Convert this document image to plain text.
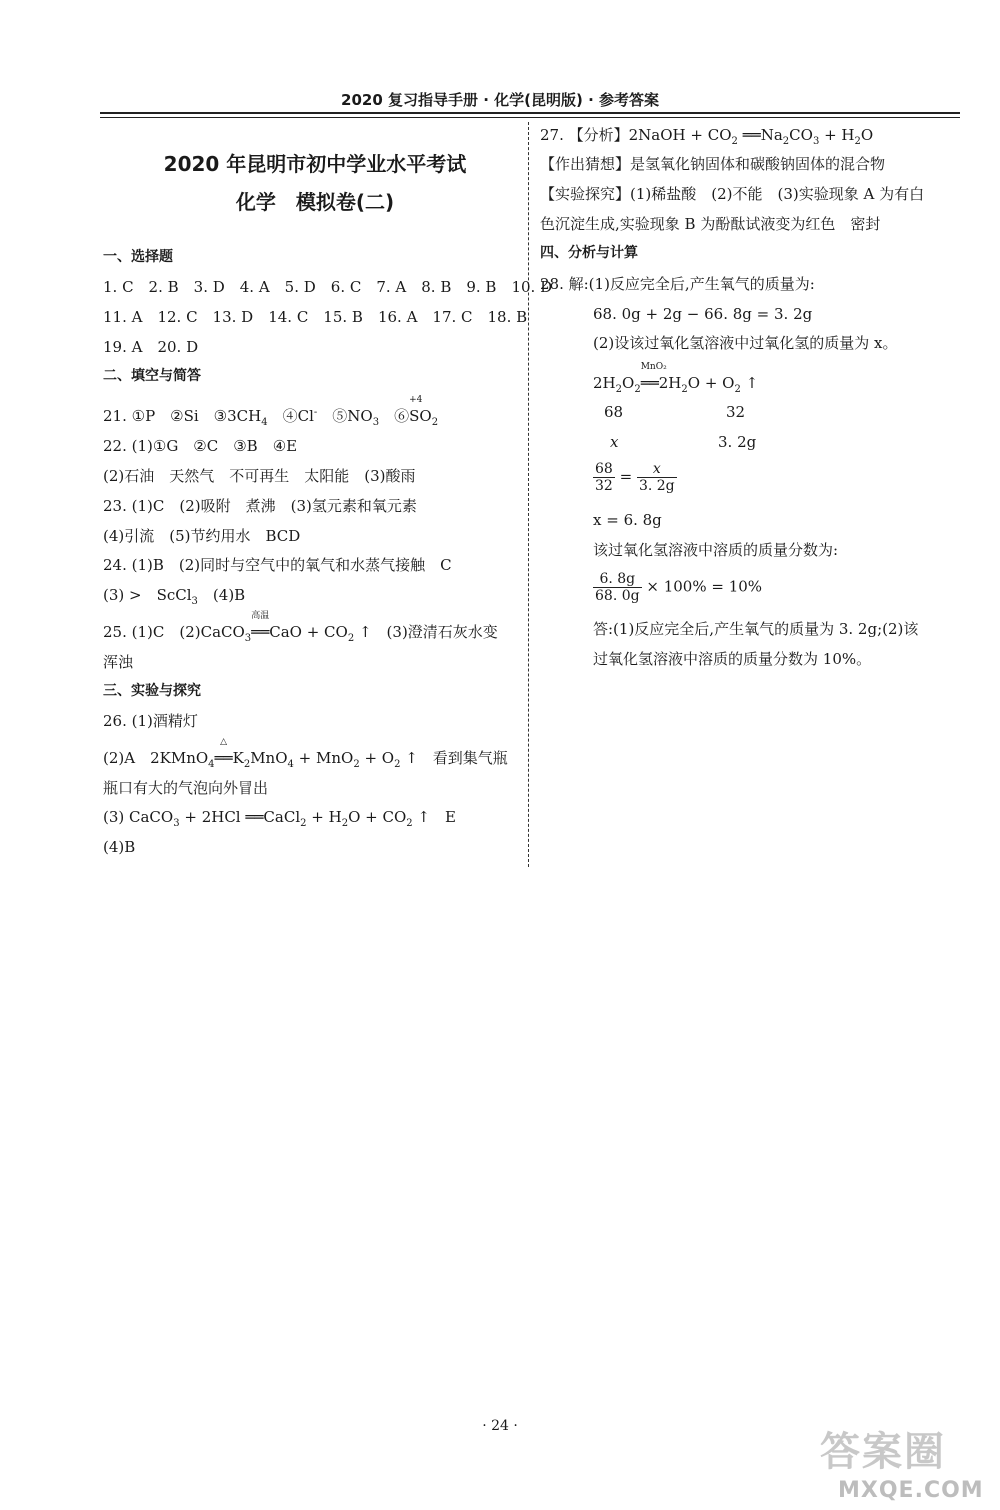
2020 复习指导手册 · 化学(昆明版) · 参考答案
2020 年昆明市初中学业水平考试
化学　模拟卷(二)
一、选择题
1. C　2. B　3. D　4. A　5. D　6. C　7. A　8. B　9. B　10. D
11. A　12. C　13. D　14. C　15. B　16. A　17. C　18. B
19. A　20. D
二、填空与简答
21. ①P　②Si　$③3CH_4$　④Cl-　$⑤NO_3$　⑥
+4
$SO_2$
22. (1)①G　②C　③B　④E
(2)石油　天然气　不可再生　太阳能　(3)酸雨
23. (1)C　(2)吸附　煮沸　(3)氢元素和氧元素
(4)引流　(5)节约用水　BCD
24. (1)B　(2)同时与空气中的氧气和水蒸气接触　C
(3) >　ScCl$_3$　(4)B
25. (1)C　(2)CaCO$_3$
高温
══CaO + $CO_2$ ↑　(3)澄清石灰水变
浑浊
三、实验与探究
26. (1)酒精灯
(2)A　2KMnO$_4$
△
$══K_2MnO_4 + MnO_2 + O_2$ ↑　看到集气瓶
瓶口有大的气泡向外冒出
(3) CaCO$_3$ + 2HCl ══CaCl$_2$ + $H_2O + CO_2$ ↑　E
(4)B
27. 【分析】2NaOH + $CO_2$ $══Na_2CO_3 + H_2O$
【作出猜想】是氢氧化钠固体和碳酸钠固体的混合物
【实验探究】(1)稀盐酸　(2)不能　(3)实验现象 A 为有白
色沉淀生成,实验现象 B 为酚酞试液变为红色　密封
四、分析与计算
28. 解:(1)反应完全后,产生氧气的质量为:
68. 0g + 2g − 66. 8g = 3. 2g
(2)设该过氧化氢溶液中过氧化氢的质量为 x。
$2H_2O_2$
MnO₂
$══2H_2O + O_2$ ↑
68	32
x	3. 2g
$\frac{68}{32} = \frac{x}{3. 2g}$
x = 6. 8g
该过氧化氢溶液中溶质的质量分数为:
$\frac{6. 8g}{68. 0g} \times 100\% = 10\%$
答:(1)反应完全后,产生氧气的质量为 3. 2g;(2)该
过氧化氢溶液中溶质的质量分数为 10%。
· 24 ·
答案圈
MXQE.COM
